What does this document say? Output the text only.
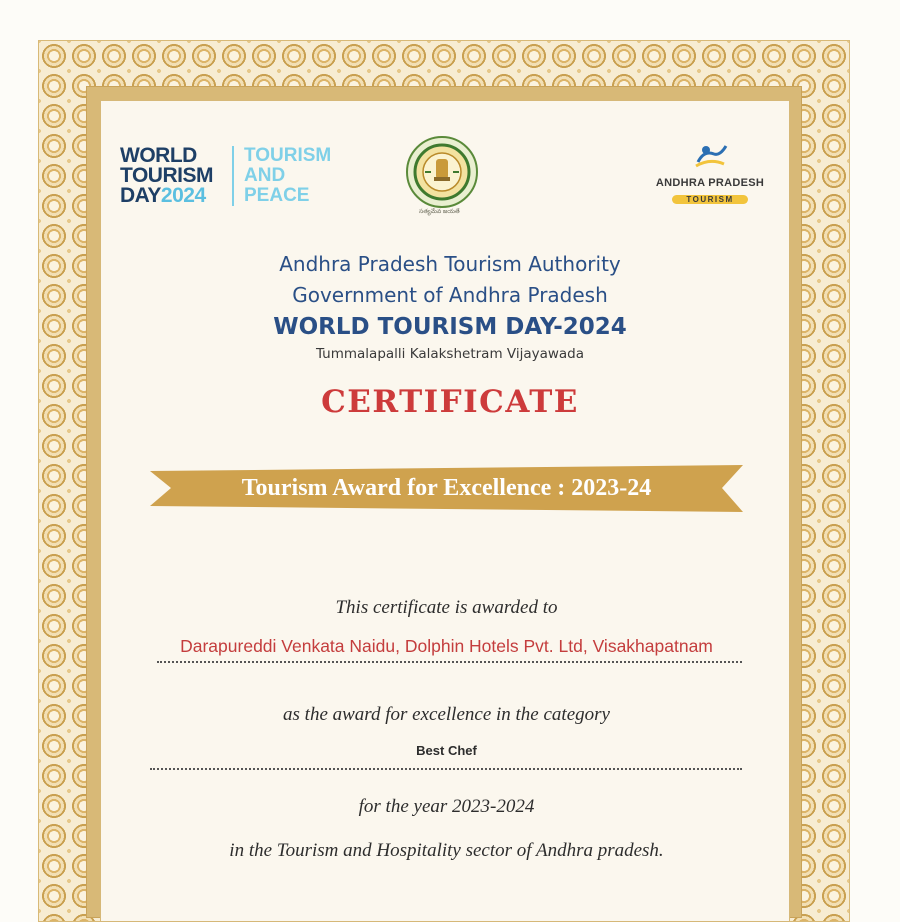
WORLD
TOURISM
DAY2024
TOURISM
AND
PEACE
సత్యమేవ జయతే
ANDHRA PRADESH
TOURISM
Andhra Pradesh Tourism Authority
Government of Andhra Pradesh
WORLD TOURISM DAY-2024
Tummalapalli Kalakshetram Vijayawada
CERTIFICATE
Tourism Award for Excellence : 2023-24
This certificate is awarded to
Darapureddi Venkata Naidu, Dolphin Hotels Pvt. Ltd, Visakhapatnam
as the award for excellence in the category
Best Chef
for the year 2023-2024
in the Tourism and Hospitality sector of Andhra pradesh.
